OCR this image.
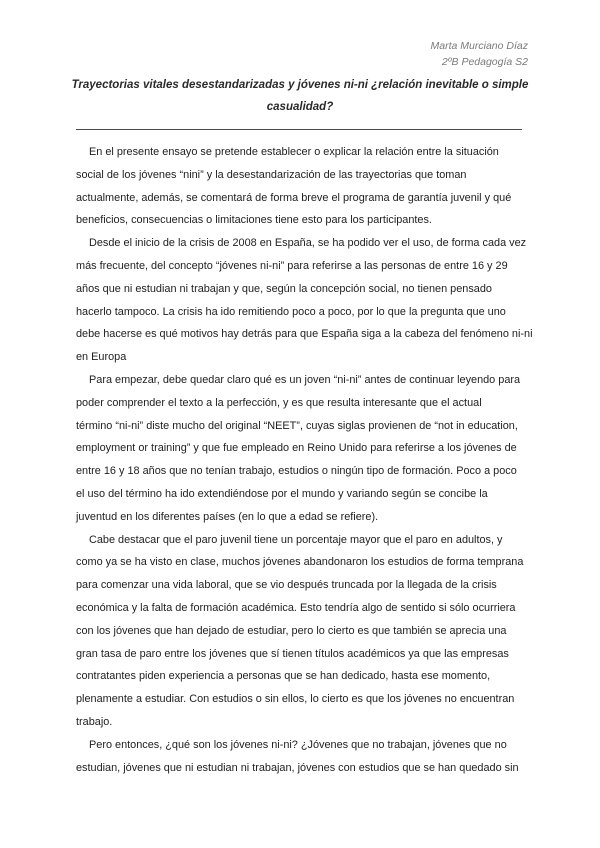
Marta Murciano Díaz
2ºB Pedagogía S2
Trayectorias vitales desestandarizadas y jóvenes ni-ni ¿relación inevitable o simple
casualidad?
En el presente ensayo se pretende establecer o explicar la relación entre la situación
social de los jóvenes “nini” y la desestandarización de las trayectorias que toman
actualmente, además, se comentará de forma breve el programa de garantía juvenil y qué
beneficios, consecuencias o limitaciones tiene esto para los participantes.
Desde el inicio de la crisis de 2008 en España, se ha podido ver el uso, de forma cada vez
más frecuente, del concepto “jóvenes ni-ni” para referirse a las personas de entre 16 y 29
años que ni estudian ni trabajan y que, según la concepción social, no tienen pensado
hacerlo tampoco. La crisis ha ido remitiendo poco a poco, por lo que la pregunta que uno
debe hacerse es qué motivos hay detrás para que España siga a la cabeza del fenómeno ni-ni
en Europa
Para empezar, debe quedar claro qué es un joven “ni-ni” antes de continuar leyendo para
poder comprender el texto a la perfección, y es que resulta interesante que el actual
término “ni-ni” diste mucho del original “NEET”, cuyas siglas provienen de “not in education,
employment or training” y que fue empleado en Reino Unido para referirse a los jóvenes de
entre 16 y 18 años que no tenían trabajo, estudios o ningún tipo de formación. Poco a poco
el uso del término ha ido extendiéndose por el mundo y variando según se concibe la
juventud en los diferentes países (en lo que a edad se refiere).
Cabe destacar que el paro juvenil tiene un porcentaje mayor que el paro en adultos, y
como ya se ha visto en clase, muchos jóvenes abandonaron los estudios de forma temprana
para comenzar una vida laboral, que se vio después truncada por la llegada de la crisis
económica y la falta de formación académica. Esto tendría algo de sentido si sólo ocurriera
con los jóvenes que han dejado de estudiar, pero lo cierto es que también se aprecia una
gran tasa de paro entre los jóvenes que sí tienen títulos académicos ya que las empresas
contratantes piden experiencia a personas que se han dedicado, hasta ese momento,
plenamente a estudiar. Con estudios o sin ellos, lo cierto es que los jóvenes no encuentran
trabajo.
Pero entonces, ¿qué son los jóvenes ni-ni? ¿Jóvenes que no trabajan, jóvenes que no
estudian, jóvenes que ni estudian ni trabajan, jóvenes con estudios que se han quedado sin
